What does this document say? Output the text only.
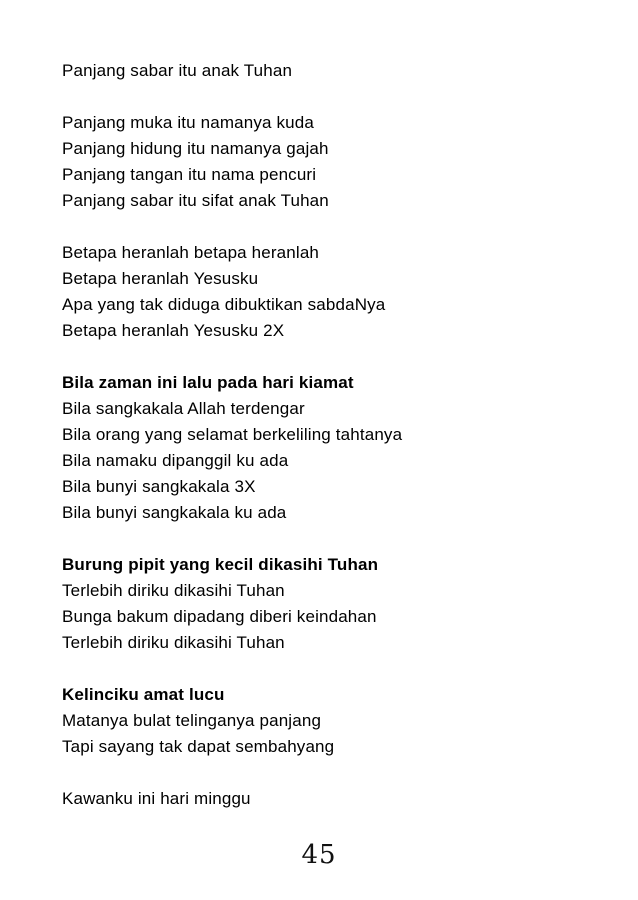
Panjang sabar itu anak Tuhan
Panjang muka itu namanya kuda
Panjang hidung itu namanya gajah
Panjang tangan itu nama pencuri
Panjang sabar itu sifat anak Tuhan
Betapa heranlah betapa heranlah
Betapa heranlah Yesusku
Apa yang tak diduga dibuktikan sabdaNya
Betapa heranlah Yesusku 2X
Bila zaman ini lalu pada hari kiamat
Bila sangkakala Allah terdengar
Bila orang yang selamat berkeliling tahtanya
Bila namaku dipanggil ku ada
Bila bunyi sangkakala 3X
Bila bunyi sangkakala ku ada
Burung pipit yang kecil dikasihi Tuhan
Terlebih diriku dikasihi Tuhan
Bunga bakum dipadang diberi keindahan
Terlebih diriku dikasihi Tuhan
Kelinciku amat lucu
Matanya bulat telinganya panjang
Tapi sayang tak dapat sembahyang
Kawanku ini hari minggu
45
